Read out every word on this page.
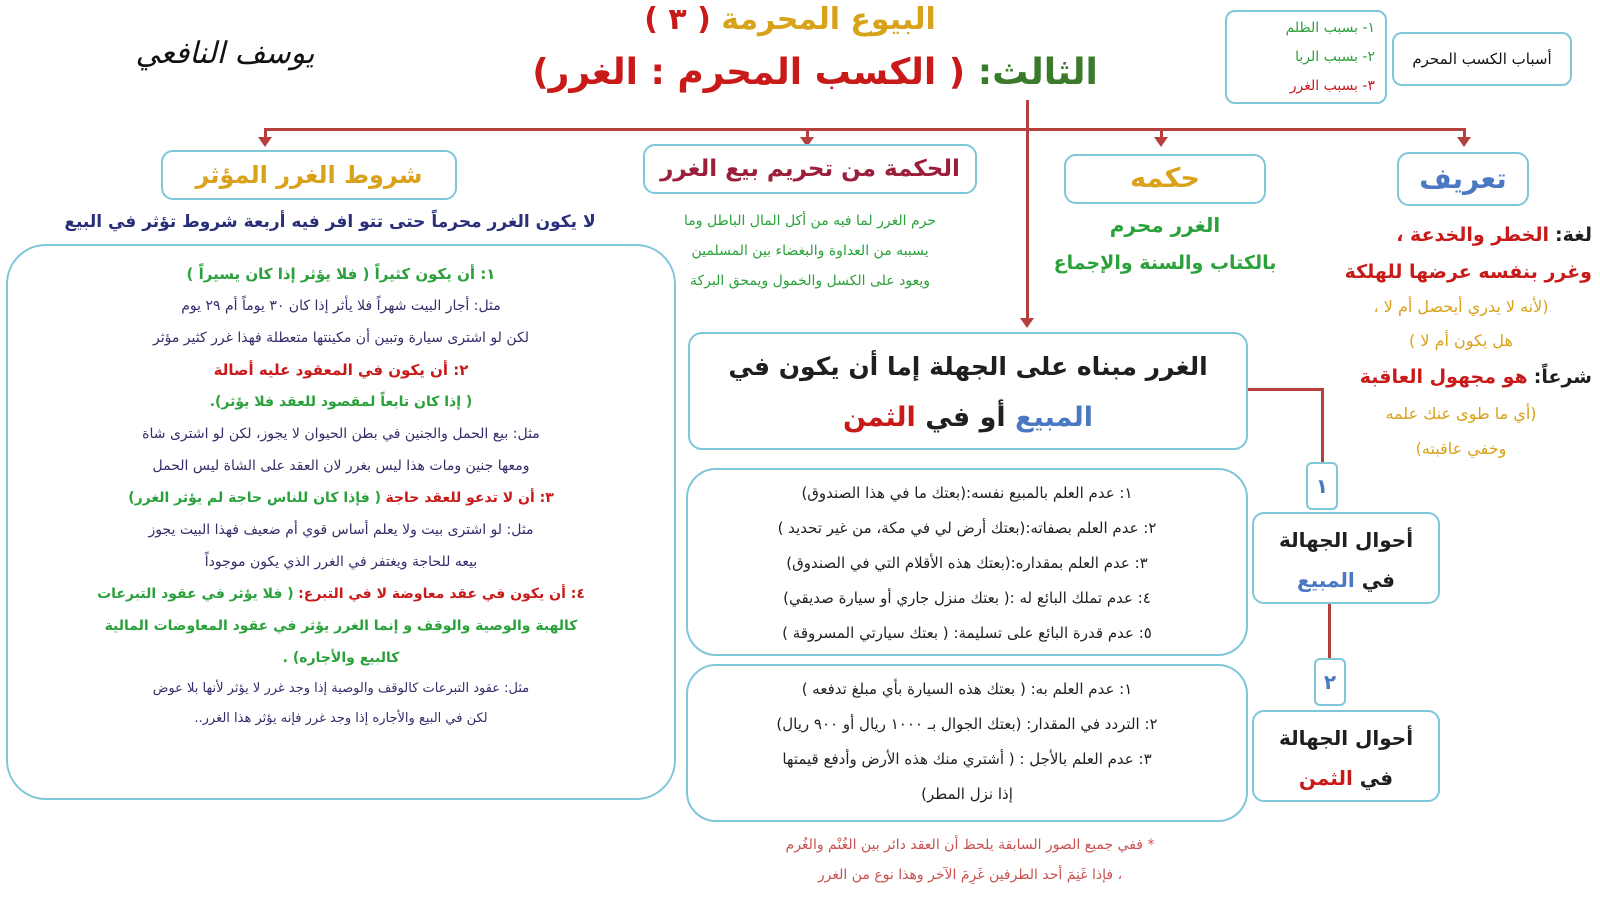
البيوع المحرمة ( ٣ )
الثالث: ( الكسب المحرم : الغرر)
يوسف النافعي	أسباب الكسب المحرم
١- بسبب الظلم
٢- بسبب الربا
٣- بسبب الغرر
تعريف
لغة: الخطر والخدعة ،
وغرر بنفسه عرضها للهلكة
(لأنه لا يدري أيحصل أم لا ،
هل يكون أم لا )
شرعاً: هو مجهول العاقبة
(أي ما طوى عنك علمه
وخفي عاقبته)
حكمه
الغرر محرم
بالكتاب والسنة والإجماع
الحكمة من تحريم بيع الغرر
حرم الغرر لما فيه من أكل المال الباطل وما
يسببه من العداوة والبغضاء بين المسلمين
ويعود على الكسل والخمول ويمحق البركة
شروط الغرر المؤثر
لا يكون الغرر محرماً حتى تتو افر فيه أربعة شروط تؤثر في البيع
١: أن يكون كثيراً ( فلا يؤثر إذا كان يسيراً )
مثل: أجار البيت شهراً فلا يأثر إذا كان ٣٠ يوماً أم ٢٩ يوم
لكن لو اشترى سيارة وتبين أن مكينتها متعطلة فهذا غرر كثير مؤثر
٢: أن يكون في المعقود عليه أصالة
( إذا كان تابعاً لمقصود للعقد فلا يؤثر).
مثل: بيع الحمل والجنين في بطن الحيوان لا يجوز، لكن لو اشترى شاة
ومعها جنين ومات هذا ليس بغرر لان العقد على الشاة ليس الحمل
٣: أن لا تدعو للعقد حاجة ( فإذا كان للناس حاجة لم يؤثر الغرر)
مثل: لو اشترى بيت ولا يعلم أساس قوي أم ضعيف فهذا البيت يجوز
بيعه للحاجة ويغتفر في الغرر الذي يكون موجوداً
٤: أن يكون في عقد معاوضة لا في التبرع: ( فلا يؤثر في عقود التبرعات
كالهبة والوصية والوقف و إنما الغرر يؤثر في عقود المعاوضات المالية
كالبيع والأجاره) .
مثل: عقود التبرعات كالوقف والوصية إذا وجد غرر لا يؤثر لأنها بلا عوض
لكن في البيع والأجاره إذا وجد غرر فإنه يؤثر هذا الغرر..
الغرر مبناه على الجهلة إما أن يكون في
المبيع أو في الثمن
١
٢
أحوال الجهالة
في المبيع
١: عدم العلم بالمبيع نفسه:(بعتك ما في هذا الصندوق)
٢: عدم العلم بصفاته:(بعتك أرض لي في مكة، من غير تحديد )
٣: عدم العلم بمقداره:(بعتك هذه الأقلام التي في الصندوق)
٤: عدم تملك البائع له :( بعتك منزل جاري أو سيارة صديقي)
٥: عدم قدرة البائع على تسليمة: ( بعتك سيارتي المسروقة )
أحوال الجهالة
في الثمن
١: عدم العلم به: ( بعتك هذه السيارة بأي مبلغ تدفعه )
٢: التردد في المقدار: (بعتك الجوال بـ ١٠٠٠ ريال أو ٩٠٠ ريال)
٣: عدم العلم بالأجل : ( أشتري منك هذه الأرض وأدفع قيمتها
إذا نزل المطر)
* ففي جميع الصور السابقة يلحظ أن العقد دائر بين الغُنْم والغُرم
، فإذا غَنِمَ أحد الطرفين غَرِمَ الآخر وهذا نوع من الغرر
